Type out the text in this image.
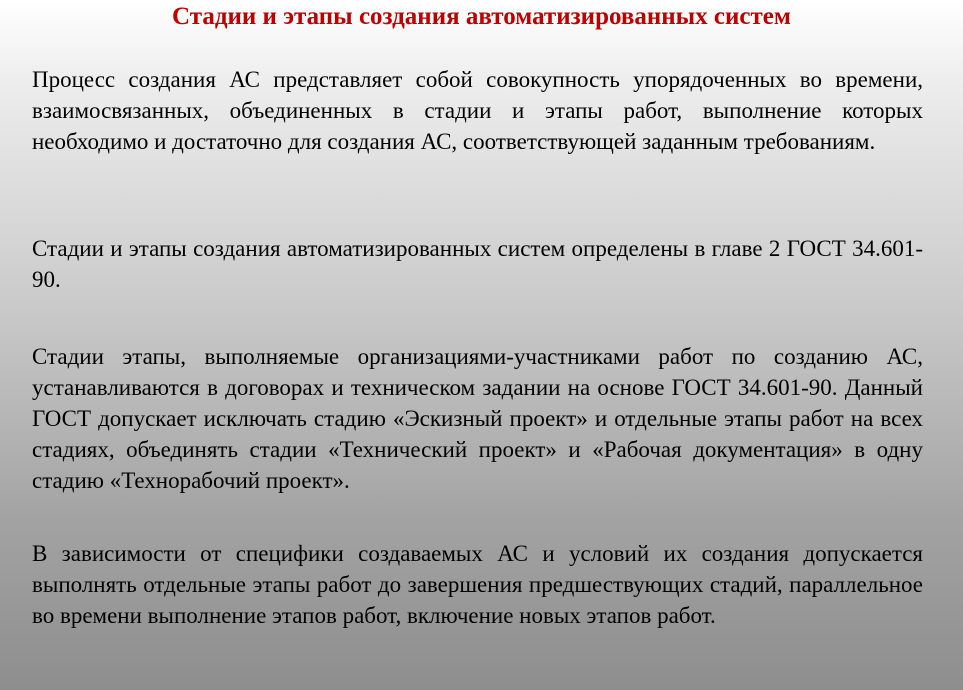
Стадии и этапы создания автоматизированных систем

Процесс создания АС представляет собой совокупность упорядоченных во времени, взаимосвязанных, объединенных в стадии и этапы работ, выполнение которых необходимо и достаточно для создания АС, соответствующей заданным требованиям.

Стадии и этапы создания автоматизированных систем определены в главе 2 ГОСТ 34.601-90.

Стадии этапы, выполняемые организациями-участниками работ по созданию АС, устанавливаются в договорах и техническом задании на основе ГОСТ 34.601-90. Данный ГОСТ допускает исключать стадию «Эскизный проект» и отдельные этапы работ на всех стадиях, объединять стадии «Технический проект» и «Рабочая документация» в одну стадию «Технорабочий проект».

В зависимости от специфики создаваемых АС и условий их создания допускается выполнять отдельные этапы работ до завершения предшествующих стадий, параллельное во времени выполнение этапов работ, включение новых этапов работ.
